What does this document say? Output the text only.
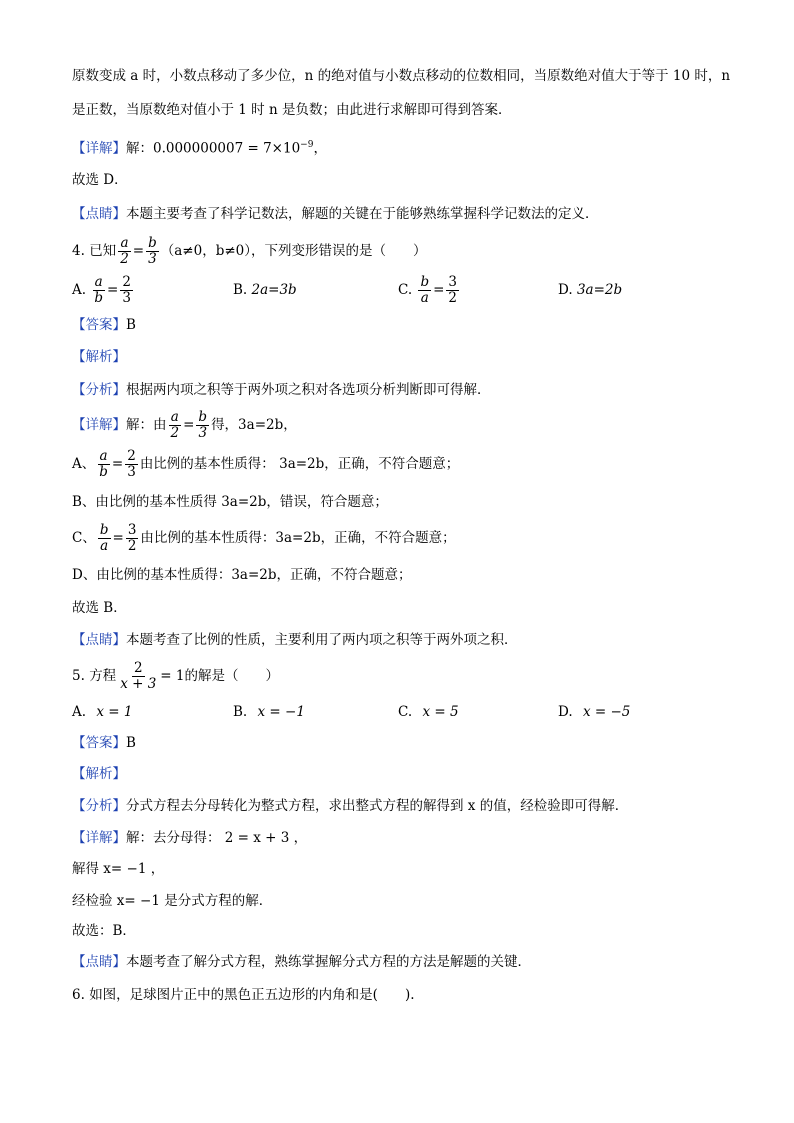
原数变成 a 时，小数点移动了多少位，n 的绝对值与小数点移动的位数相同，当原数绝对值大于等于 10 时，n
是正数，当原数绝对值小于 1 时 n 是负数；由此进行求解即可得到答案．
【详解】解：$0.000000007 = 7\times 10^{-9}$，
故选 D．
【点睛】本题主要考查了科学记数法，解题的关键在于能够熟练掌握科学记数法的定义．
4. 已知 $\frac{a}{2} = \frac{b}{3} (a\ne 0$，b≠0），下列变形错误的是（　　）
A. $\frac{a}{b} = \frac{2}{3}$	B. 2a=3b	C. $\frac{b}{a} = \frac{3}{2}$	D. 3a=2b
【答案】B
【解析】
【分析】根据两内项之积等于两外项之积对各选项分析判断即可得解．
【详解】解：由 $\frac{a}{2} = \frac{b}{3}$ 得，3a=2b，
A、 $\frac{a}{b} = \frac{2}{3}$ 由比例的基本性质得： 3a=2b，正确，不符合题意；
B、由比例的基本性质得 3a=2b，错误，符合题意；
C、 $\frac{b}{a} = \frac{3}{2}$ 由比例的基本性质得：3a=2b，正确，不符合题意；
D、由比例的基本性质得：3a=2b，正确，不符合题意；
故选 B．
【点睛】本题考查了比例的性质，主要利用了两内项之积等于两外项之积．
5. 方程 $\frac{2}{x + 3} = 1$的解是（　　）
A. x = 1	B. x = −1	C. x = 5	D. x = −5
【答案】B
【解析】
【分析】分式方程去分母转化为整式方程，求出整式方程的解得到 x 的值，经检验即可得解．
【详解】解：去分母得： 2 = x + 3 ，
解得 x= −1 ，
经检验 x= −1 是分式方程的解．
故选：B．
【点睛】本题考查了解分式方程，熟练掌握解分式方程的方法是解题的关键．
6. 如图，足球图片正中的黑色正五边形的内角和是(　　).
